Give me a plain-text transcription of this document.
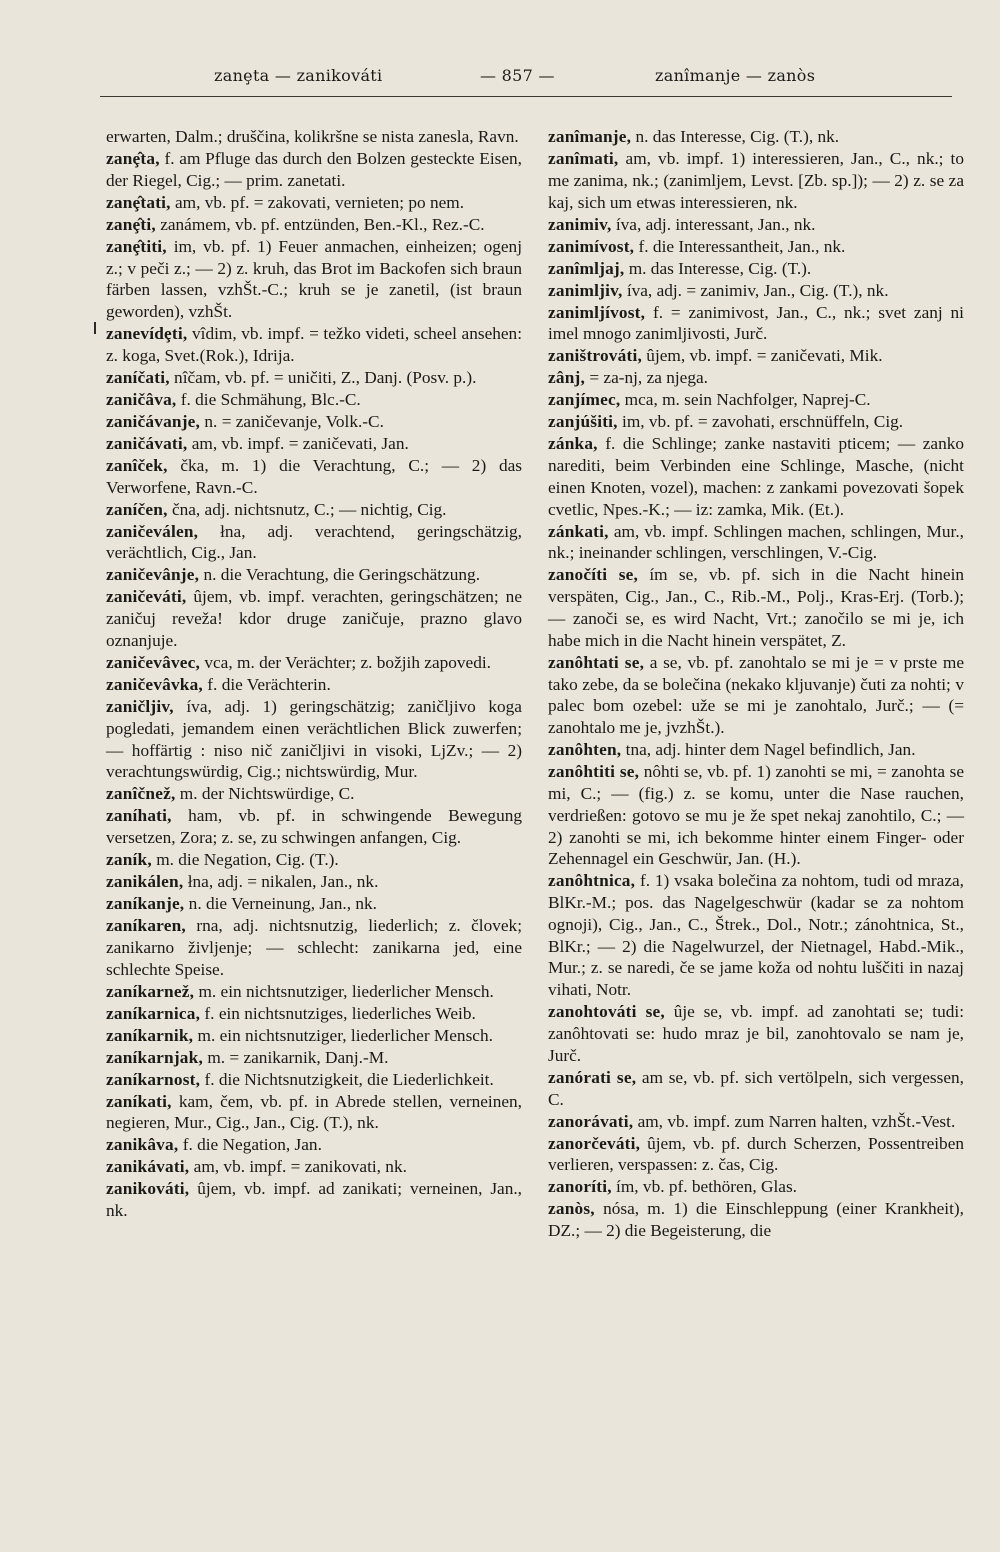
zanȩta — zanikováti	— 857 —	zanîmanje — zanòs
erwarten, Dalm.; druščina, kolikršne se nista zanesla, Ravn.
zanȩ̂ta, f. am Pfluge das durch den Bolzen gesteckte Eisen, der Riegel, Cig.; — prim. zanetati.
zanȩ̂tati, am, vb. pf. = zakovati, vernieten; po nem.
zanȩ̂ti, zanámem, vb. pf. entzünden, Ben.-Kl., Rez.-C.
zanȩ̂titi, im, vb. pf. 1) Feuer anmachen, einheizen; ogenj z.; v peči z.; — 2) z. kruh, das Brot im Backofen sich braun färben lassen, vzhŠt.-C.; kruh se je zanetil, (ist braun geworden), vzhŠt.
zanevídȩti, vîdim, vb. impf. = težko videti, scheel ansehen: z. koga, Svet.(Rok.), Idrija.
zaníčati, nîčam, vb. pf. = uničiti, Z., Danj. (Posv. p.).
zaničâva, f. die Schmähung, Blc.-C.
zaničávanje, n. = zaničevanje, Volk.-C.
zaničávati, am, vb. impf. = zaničevati, Jan.
zanîček, čka, m. 1) die Verachtung, C.; — 2) das Verworfene, Ravn.-C.
zaníčen, čna, adj. nichtsnutz, C.; — nichtig, Cig.
zaničeválen, łna, adj. verachtend, geringschätzig, verächtlich, Cig., Jan.
zaničevânje, n. die Verachtung, die Geringschätzung.
zaničeváti, ûjem, vb. impf. verachten, geringschätzen; ne zaničuj reveža! kdor druge zaničuje, prazno glavo oznanjuje.
zaničevâvec, vca, m. der Verächter; z. božjih zapovedi.
zaničevâvka, f. die Verächterin.
zaničljiv, íva, adj. 1) geringschätzig; zaničljivo koga pogledati, jemandem einen verächtlichen Blick zuwerfen; — hoffärtig : niso nič zaničljivi in visoki, LjZv.; — 2) verachtungswürdig, Cig.; nichtswürdig, Mur.
zanîčnež, m. der Nichtswürdige, C.
zaníhati, ham, vb. pf. in schwingende Bewegung versetzen, Zora; z. se, zu schwingen anfangen, Cig.
zaník, m. die Negation, Cig. (T.).
zanikálen, łna, adj. = nikalen, Jan., nk.
zaníkanje, n. die Verneinung, Jan., nk.
zaníkaren, rna, adj. nichtsnutzig, liederlich; z. človek; zanikarno življenje; — schlecht: zanikarna jed, eine schlechte Speise.
zaníkarnež, m. ein nichtsnutziger, liederlicher Mensch.
zaníkarnica, f. ein nichtsnutziges, liederliches Weib.
zaníkarnik, m. ein nichtsnutziger, liederlicher Mensch.
zaníkarnjak, m. = zanikarnik, Danj.-M.
zaníkarnost, f. die Nichtsnutzigkeit, die Liederlichkeit.
zaníkati, kam, čem, vb. pf. in Abrede stellen, verneinen, negieren, Mur., Cig., Jan., Cig. (T.), nk.
zanikâva, f. die Negation, Jan.
zanikávati, am, vb. impf. = zanikovati, nk.
zanikováti, ûjem, vb. impf. ad zanikati; verneinen, Jan., nk.
zanîmanje, n. das Interesse, Cig. (T.), nk.
zanîmati, am, vb. impf. 1) interessieren, Jan., C., nk.; to me zanima, nk.; (zanimljem, Levst. [Zb. sp.]); — 2) z. se za kaj, sich um etwas interessieren, nk.
zanimiv, íva, adj. interessant, Jan., nk.
zanimívost, f. die Interessantheit, Jan., nk.
zanîmljaj, m. das Interesse, Cig. (T.).
zanimljiv, íva, adj. = zanimiv, Jan., Cig. (T.), nk.
zanimljívost, f. = zanimivost, Jan., C., nk.; svet zanj ni imel mnogo zanimljivosti, Jurč.
zaništrováti, ûjem, vb. impf. = zaničevati, Mik.
zânj, = za-nj, za njega.
zanjímec, mca, m. sein Nachfolger, Naprej-C.
zanjúšiti, im, vb. pf. = zavohati, erschnüffeln, Cig.
zánka, f. die Schlinge; zanke nastaviti pticem; — zanko narediti, beim Verbinden eine Schlinge, Masche, (nicht einen Knoten, vozel), machen: z zankami povezovati šopek cvetlic, Npes.-K.; — iz: zamka, Mik. (Et.).
zánkati, am, vb. impf. Schlingen machen, schlingen, Mur., nk.; ineinander schlingen, verschlingen, V.-Cig.
zanočíti se, ím se, vb. pf. sich in die Nacht hinein verspäten, Cig., Jan., C., Rib.-M., Polj., Kras-Erj. (Torb.); — zanoči se, es wird Nacht, Vrt.; zanočilo se mi je, ich habe mich in die Nacht hinein verspätet, Z.
zanôhtati se, a se, vb. pf. zanohtalo se mi je = v prste me tako zebe, da se bolečina (nekako kljuvanje) čuti za nohti; v palec bom ozebel: uže se mi je zanohtalo, Jurč.; — (= zanohtalo me je, jvzhŠt.).
zanôhten, tna, adj. hinter dem Nagel befindlich, Jan.
zanôhtiti se, nôhti se, vb. pf. 1) zanohti se mi, = zanohta se mi, C.; — (fig.) z. se komu, unter die Nase rauchen, verdrießen: gotovo se mu je že spet nekaj zanohtilo, C.; — 2) zanohti se mi, ich bekomme hinter einem Finger- oder Zehennagel ein Geschwür, Jan. (H.).
zanôhtnica, f. 1) vsaka bolečina za nohtom, tudi od mraza, BlKr.-M.; pos. das Nagelgeschwür (kadar se za nohtom ognoji), Cig., Jan., C., Štrek., Dol., Notr.; zánohtnica, St., BlKr.; — 2) die Nagelwurzel, der Nietnagel, Habd.-Mik., Mur.; z. se naredi, če se jame koža od nohtu luščiti in nazaj vihati, Notr.
zanohtováti se, ûje se, vb. impf. ad zanohtati se; tudi: zanôhtovati se: hudo mraz je bil, zanohtovalo se nam je, Jurč.
zanórati se, am se, vb. pf. sich vertölpeln, sich vergessen, C.
zanorávati, am, vb. impf. zum Narren halten, vzhŠt.-Vest.
zanorčeváti, ûjem, vb. pf. durch Scherzen, Possentreiben verlieren, verspassen: z. čas, Cig.
zanoríti, ím, vb. pf. bethören, Glas.
zanòs, nósa, m. 1) die Einschleppung (einer Krankheit), DZ.; — 2) die Begeisterung, die
